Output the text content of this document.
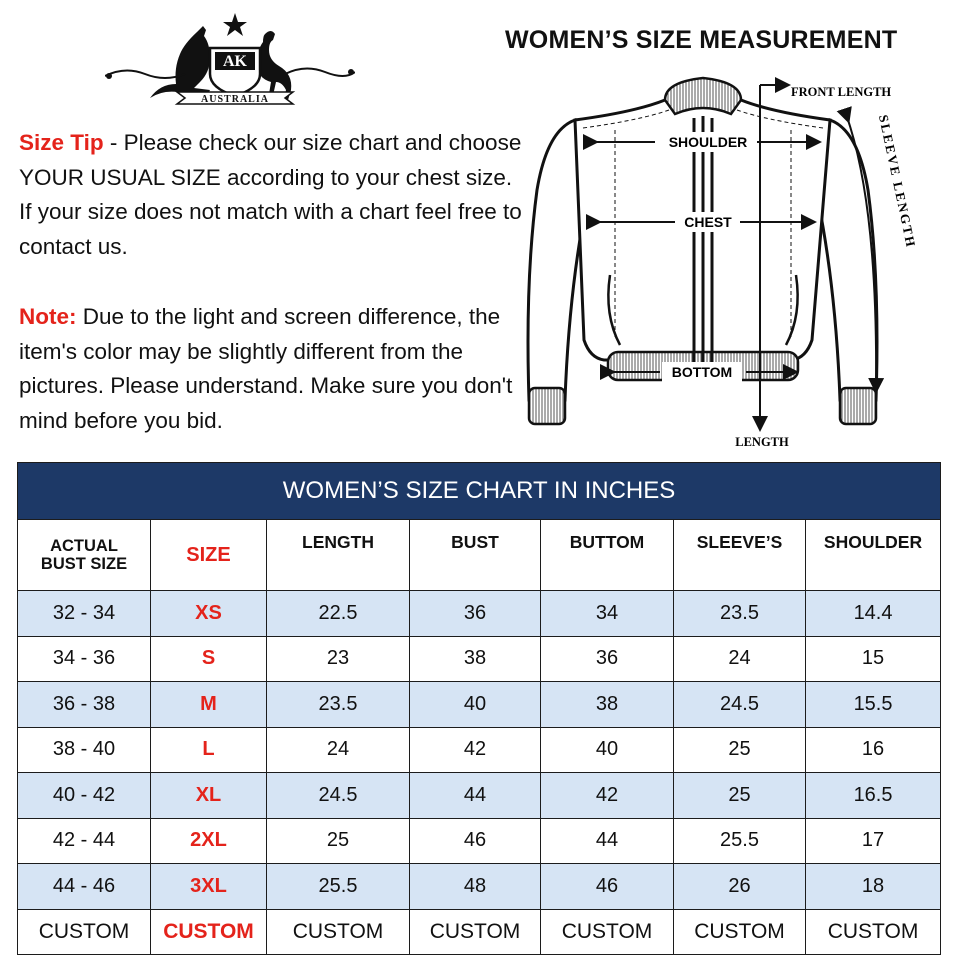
AK
AUSTRALIA
WOMEN’S SIZE MEASUREMENT
SHOULDER
CHEST
BOTTOM
FRONT LENGTH
LENGTH
SLEEVE LENGTH
Size Tip - Please check our size chart and choose YOUR USUAL SIZE according to your chest size. If your size does not match with a chart feel free to contact us.
Note: Due to the light and screen difference, the item's color may be slightly different from the pictures. Please understand. Make sure you don't mind before you bid.
WOMEN’S SIZE CHART IN INCHES						
ACTUAL
BUST SIZE	SIZE	LENGTH	BUST	BUTTOM	SLEEVE’S	SHOULDER
32 - 34	XS	22.5	36	34	23.5	14.4
34 - 36	S	23	38	36	24	15
36 - 38	M	23.5	40	38	24.5	15.5
38 - 40	L	24	42	40	25	16
40 - 42	XL	24.5	44	42	25	16.5
42 - 44	2XL	25	46	44	25.5	17
44 - 46	3XL	25.5	48	46	26	18
CUSTOM	CUSTOM	CUSTOM	CUSTOM	CUSTOM	CUSTOM	CUSTOM
